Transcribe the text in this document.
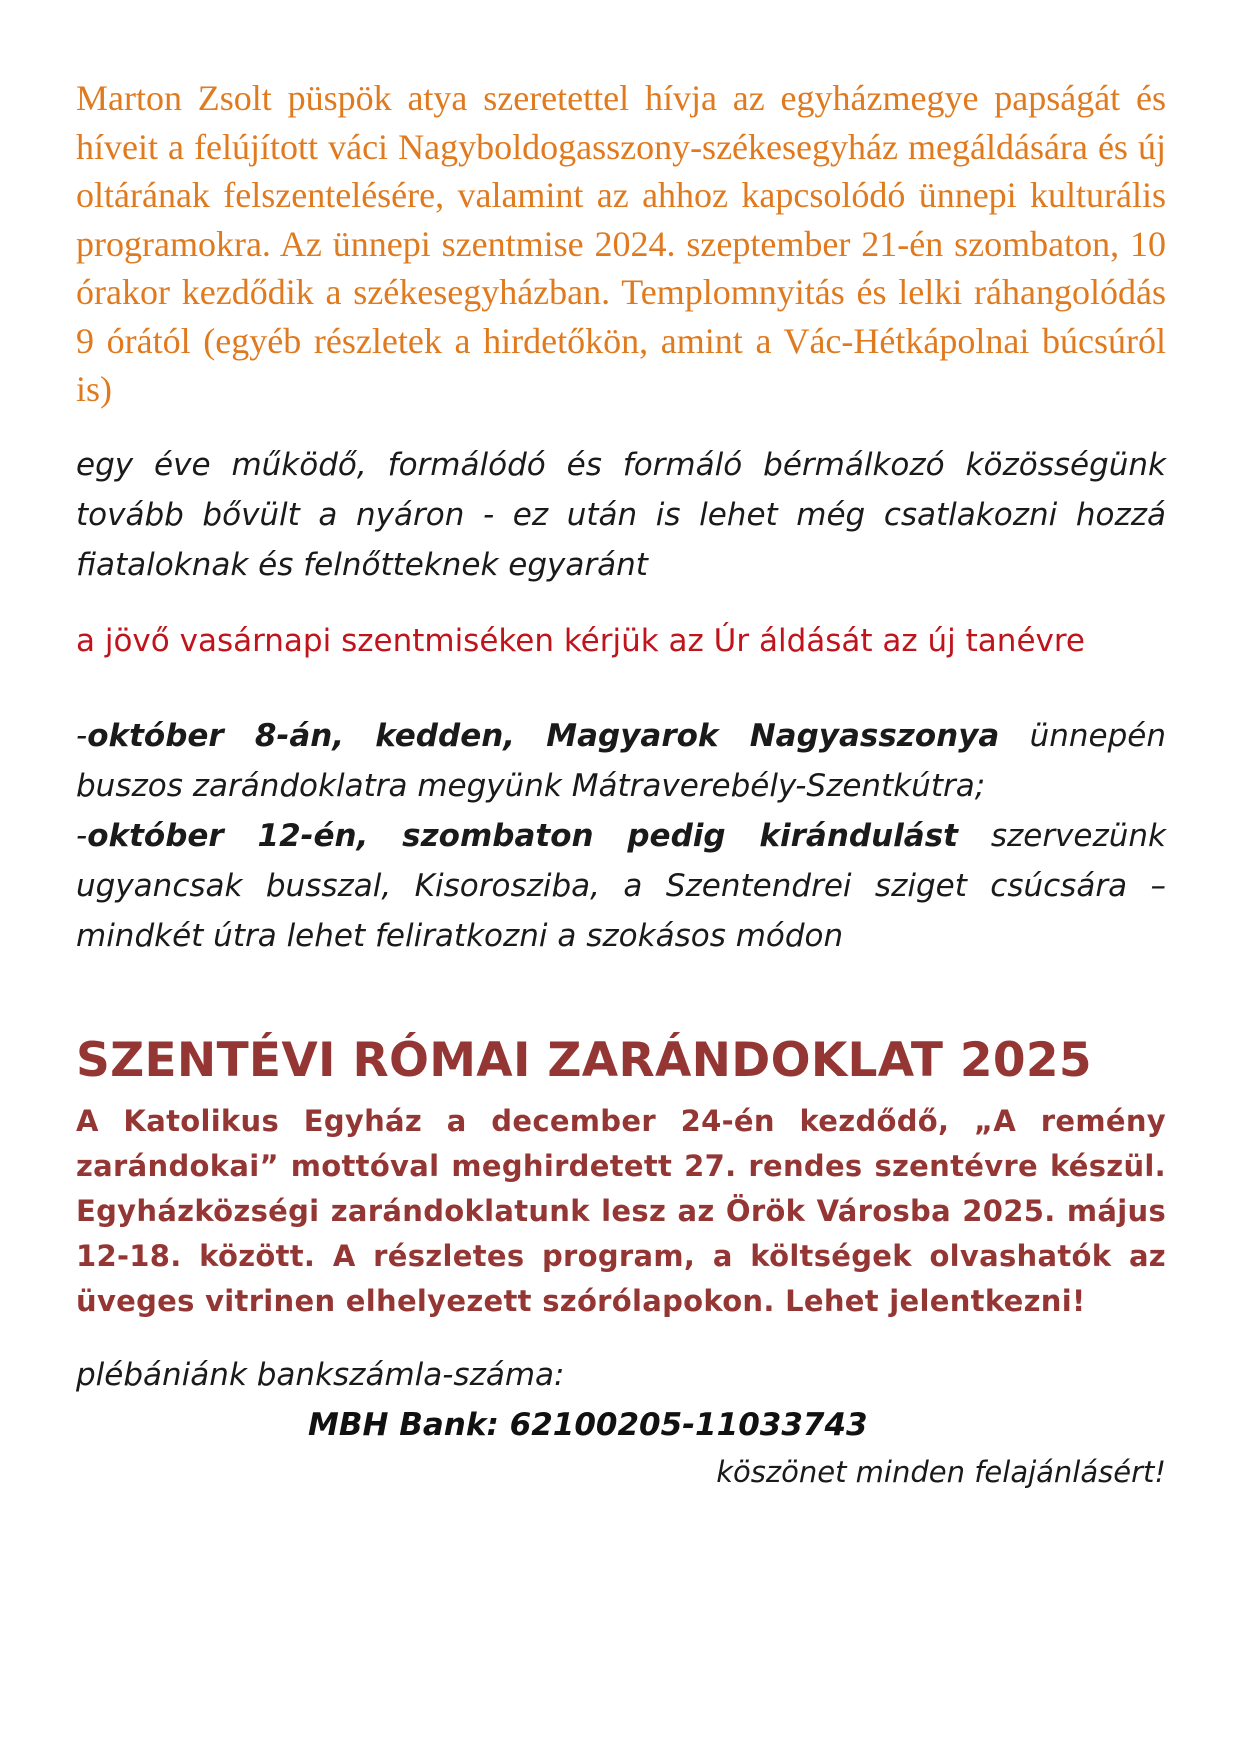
Marton Zsolt püspök atya szeretettel hívja az egyházmegye papságát és híveit a felújított váci Nagyboldogasszony-székesegyház megáldására és új oltárának felszentelésére, valamint az ahhoz kapcsolódó ünnepi kulturális programokra. Az ünnepi szentmise 2024. szeptember 21-én szombaton, 10 órakor kezdődik a székesegyházban. Templomnyitás és lelki ráhangolódás 9 órától (egyéb részletek a hirdetőkön, amint a Vác-Hétkápolnai búcsúról is)

egy éve működő, formálódó és formáló bérmálkozó közösségünk tovább bővült a nyáron - ez után is lehet még csatlakozni hozzá fiataloknak és felnőtteknek egyaránt

a jövő vasárnapi szentmiséken kérjük az Úr áldását az új tanévre

-október 8-án, kedden, Magyarok Nagyasszonya ünnepén buszos zarándoklatra megyünk Mátraverebély-Szentkútra;

-október 12-én, szombaton pedig kirándulást szervezünk ugyancsak busszal, Kisorosziba, a Szentendrei sziget csúcsára – mindkét útra lehet feliratkozni a szokásos módon

SZENTÉVI RÓMAI ZARÁNDOKLAT 2025

A Katolikus Egyház a december 24-én kezdődő, „A remény zarándokai” mottóval meghirdetett 27. rendes szentévre készül. Egyházközségi zarándoklatunk lesz az Örök Városba 2025. május 12-18. között. A részletes program, a költségek olvashatók az üveges vitrinen elhelyezett szórólapokon. Lehet jelentkezni!

plébániánk bankszámla-száma:

MBH Bank: 62100205-11033743

köszönet minden felajánlásért!
